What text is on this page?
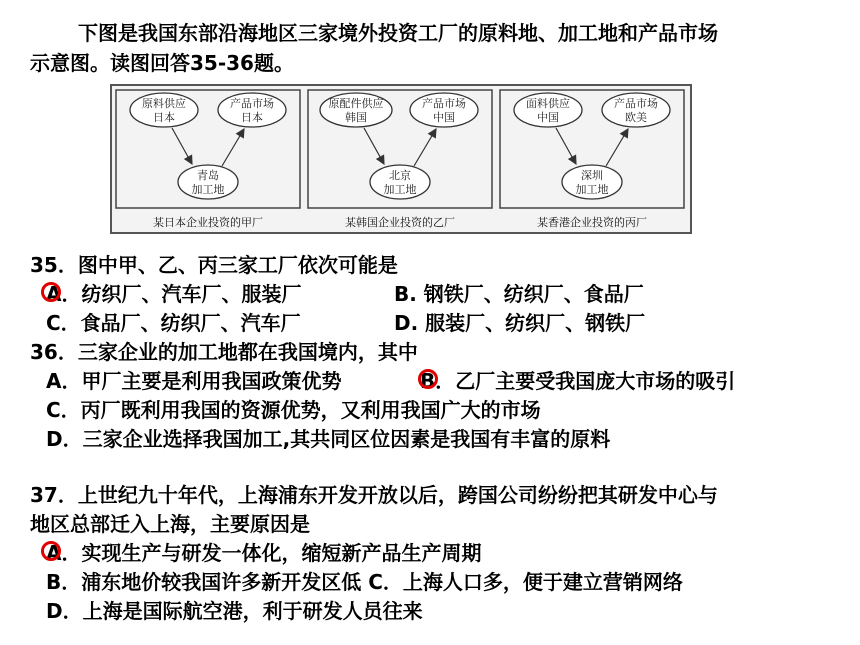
下图是我国东部沿海地区三家境外投资工厂的原料地、加工地和产品市场
示意图。读图回答35-36题。
原料供应
日本
产品市场
日本
青岛
加工地
某日本企业投资的甲厂
原配件供应
韩国
产品市场
中国
北京
加工地
某韩国企业投资的乙厂
面料供应
中国
产品市场
欧美
深圳
加工地
某香港企业投资的丙厂
35．图中甲、乙、丙三家工厂依次可能是
A．纺织厂、汽车厂、服装厂	B. 钢铁厂、纺织厂、食品厂
C．食品厂、纺织厂、汽车厂	D. 服装厂、纺织厂、钢铁厂
36．三家企业的加工地都在我国境内，其中
A．甲厂主要是利用我国政策优势	B．乙厂主要受我国庞大市场的吸引
C．丙厂既利用我国的资源优势，又利用我国广大的市场
D．三家企业选择我国加工,其共同区位因素是我国有丰富的原料
37．上世纪九十年代，上海浦东开发开放以后，跨国公司纷纷把其研发中心与
地区总部迁入上海，主要原因是
A．实现生产与研发一体化，缩短新产品生产周期
B．浦东地价较我国许多新开发区低 C．上海人口多，便于建立营销网络
D．上海是国际航空港，利于研发人员往来
